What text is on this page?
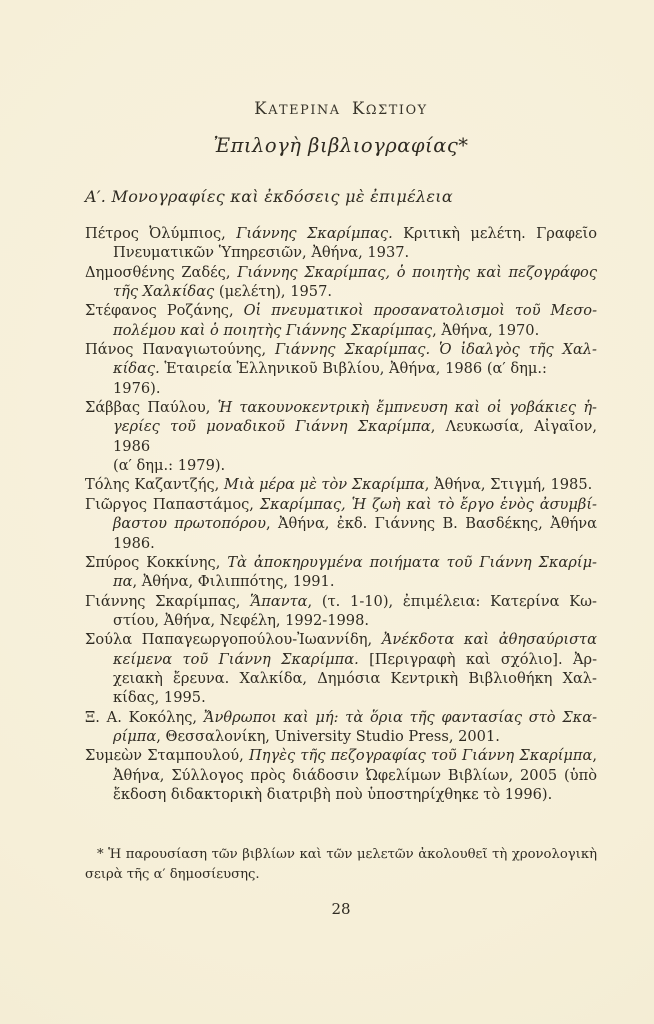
ΚΑΤΕΡΙΝΑ ΚΩΣΤΙΟΥ
Ἐπιλογὴ βιβλιογραφίας*
Α′. Μονογραφίες καὶ ἐκδόσεις μὲ ἐπιμέλεια
Πέτρος Ὀλύμπιος, Γιάννης Σκαρίμπας. Κριτικὴ μελέτη. Γραφεῖο
Πνευματικῶν Ὑπηρεσιῶν, Ἀθήνα, 1937.
Δημοσθένης Ζαδές, Γιάννης Σκαρίμπας, ὁ ποιητὴς καὶ πεζογράφος
τῆς Χαλκίδας (μελέτη), 1957.
Στέφανος Ροζάνης, Οἱ πνευματικοὶ προσανατολισμοὶ τοῦ Μεσο-
πολέμου καὶ ὁ ποιητὴς Γιάννης Σκαρίμπας, Ἀθήνα, 1970.
Πάνος Παναγιωτούνης, Γιάννης Σκαρίμπας. Ὁ ἰδαλγὸς τῆς Χαλ-
κίδας. Ἑταιρεία Ἑλληνικοῦ Βιβλίου, Ἀθήνα, 1986 (α′ δημ.: 1976).
Σάββας Παύλου, Ἡ τακουνοκεντρικὴ ἔμπνευση καὶ οἱ γοβάκιες ἡ-
γερίες τοῦ μοναδικοῦ Γιάννη Σκαρίμπα, Λευκωσία, Αἰγαῖον, 1986
(α′ δημ.: 1979).
Τόλης Καζαντζής, Μιὰ μέρα μὲ τὸν Σκαρίμπα, Ἀθήνα, Στιγμή, 1985.
Γιῶργος Παπαστάμος, Σκαρίμπας, Ἡ ζωὴ καὶ τὸ ἔργο ἑνὸς ἀσυμβί-
βαστου πρωτοπόρου, Ἀθήνα, ἐκδ. Γιάννης Β. Βασδέκης, Ἀθήνα
1986.
Σπύρος Κοκκίνης, Τὰ ἀποκηρυγμένα ποιήματα τοῦ Γιάννη Σκαρίμ-
πα, Ἀθήνα, Φιλιππότης, 1991.
Γιάννης Σκαρίμπας, Ἅπαντα, (τ. 1-10), ἐπιμέλεια: Κατερίνα Κω-
στίου, Ἀθήνα, Νεφέλη, 1992-1998.
Σούλα Παπαγεωργοπούλου-Ἰωαννίδη, Ἀνέκδοτα καὶ ἀθησαύριστα
κείμενα τοῦ Γιάννη Σκαρίμπα. [Περιγραφὴ καὶ σχόλιο]. Ἀρ-
χειακὴ ἔρευνα. Χαλκίδα, Δημόσια Κεντρικὴ Βιβλιοθήκη Χαλ-
κίδας, 1995.
Ξ. Α. Κοκόλης, Ἄνθρωποι καὶ μή: τὰ ὅρια τῆς φαντασίας στὸ Σκα-
ρίμπα, Θεσσαλονίκη, University Studio Press, 2001.
Συμεὼν Σταμπουλού, Πηγὲς τῆς πεζογραφίας τοῦ Γιάννη Σκαρίμπα,
Ἀθήνα, Σύλλογος πρὸς διάδοσιν Ὠφελίμων Βιβλίων, 2005 (ὑπὸ
ἔκδοση διδακτορικὴ διατριβὴ ποὺ ὑποστηρίχθηκε τὸ 1996).
* Ἡ παρουσίαση τῶν βιβλίων καὶ τῶν μελετῶν ἀκολουθεῖ τὴ χρονολογικὴ
σειρὰ τῆς α′ δημοσίευσης.
28
